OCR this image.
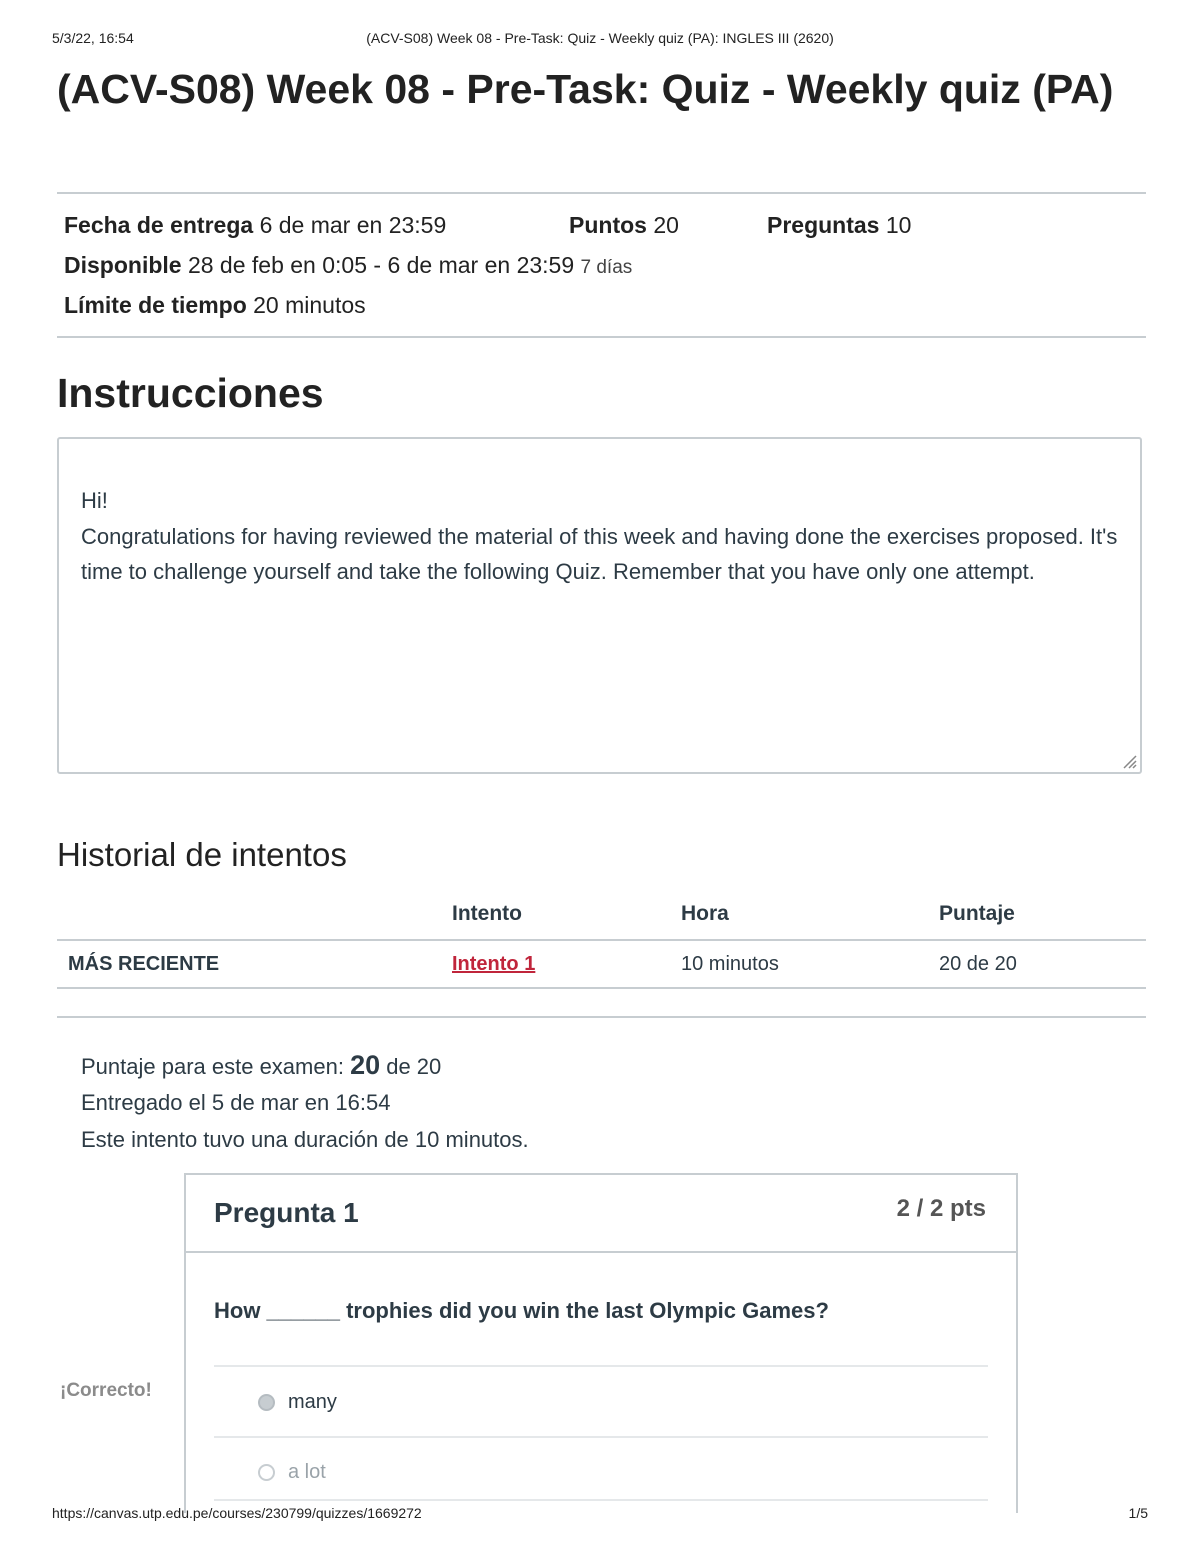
5/3/22, 16:54	(ACV-S08) Week 08 - Pre-Task: Quiz - Weekly quiz (PA): INGLES III (2620)
(ACV-S08) Week 08 - Pre-Task: Quiz - Weekly quiz (PA)
Fecha de entrega 6 de mar en 23:59	Puntos 20	Preguntas 10
Disponible 28 de feb en 0:05 - 6 de mar en 23:59 7 días
Límite de tiempo 20 minutos
Instrucciones

Hi!

Congratulations for having reviewed the material of this week and having done the exercises proposed. It's time to challenge yourself and take the following Quiz. Remember that you have only one attempt.

Historial de intentos
	Intento	Hora	Puntaje
MÁS RECIENTE	Intento 1	10 minutos	20 de 20
Puntaje para este examen: 20 de 20
Entregado el 5 de mar en 16:54
Este intento tuvo una duración de 10 minutos.
¡Correcto!
Pregunta 1	2 / 2 pts
How ______ trophies did you win the last Olympic Games?
many
a lot
https://canvas.utp.edu.pe/courses/230799/quizzes/1669272	1/5
